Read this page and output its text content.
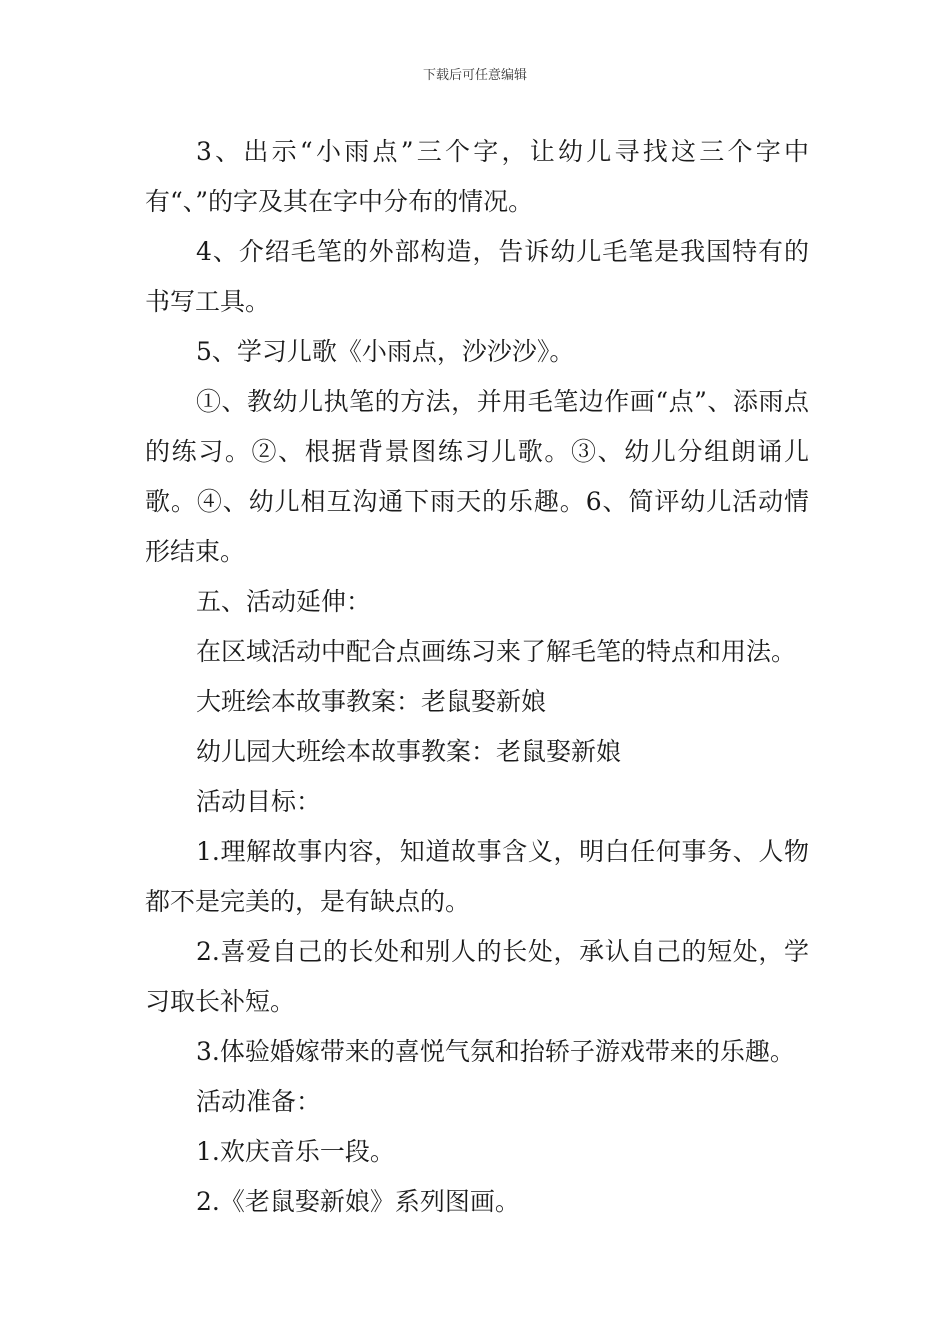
下载后可任意编辑

3、出示“小雨点”三个字，让幼儿寻找这三个字中有“、”的字及其在字中分布的情况。

4、介绍毛笔的外部构造，告诉幼儿毛笔是我国特有的书写工具。

5、学习儿歌《小雨点，沙沙沙》。

①、教幼儿执笔的方法，并用毛笔边作画“点”、添雨点的练习。②、根据背景图练习儿歌。③、幼儿分组朗诵儿歌。④、幼儿相互沟通下雨天的乐趣。6、简评幼儿活动情形结束。

五、活动延伸：

在区域活动中配合点画练习来了解毛笔的特点和用法。

大班绘本故事教案：老鼠娶新娘

幼儿园大班绘本故事教案：老鼠娶新娘

活动目标：

1.理解故事内容，知道故事含义，明白任何事务、人物都不是完美的，是有缺点的。

2.喜爱自己的长处和别人的长处，承认自己的短处，学习取长补短。

3.体验婚嫁带来的喜悦气氛和抬轿子游戏带来的乐趣。

活动准备：

1.欢庆音乐一段。

2.《老鼠娶新娘》系列图画。
